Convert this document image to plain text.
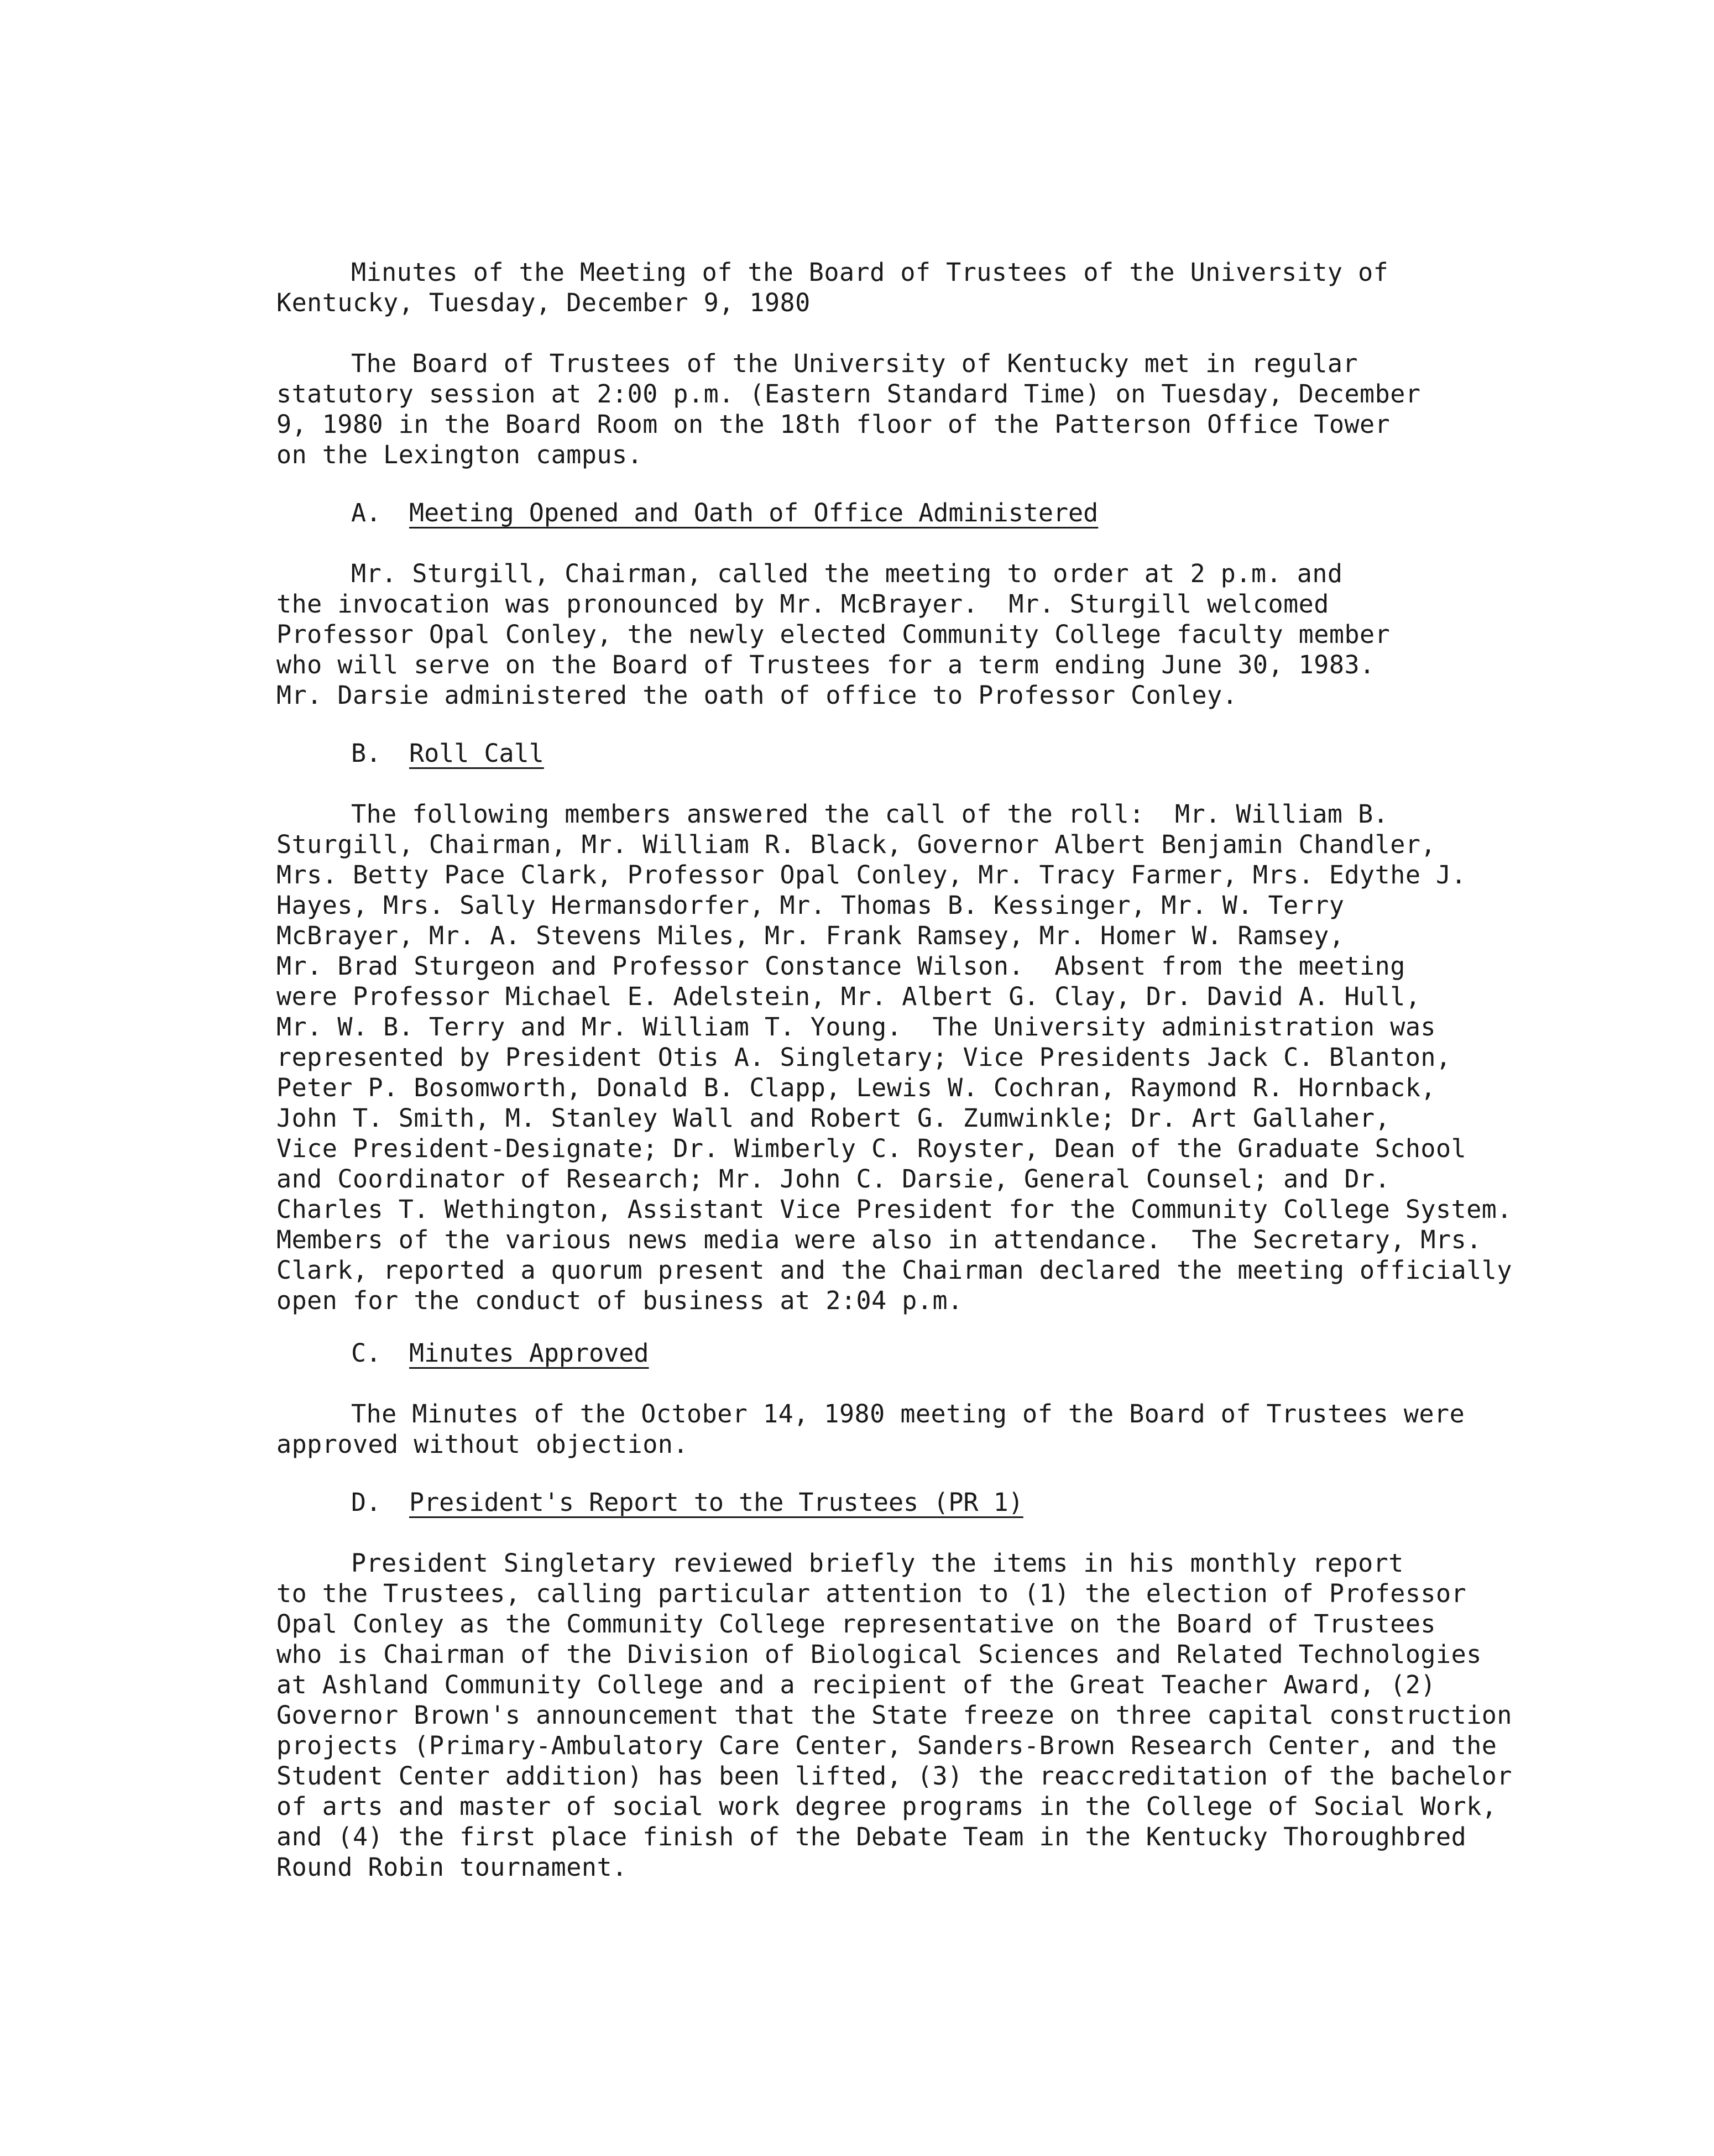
Minutes of the Meeting of the Board of Trustees of the University of
Kentucky, Tuesday, December 9, 1980
The Board of Trustees of the University of Kentucky met in regular
statutory session at 2:00 p.m. (Eastern Standard Time) on Tuesday, December
9, 1980 in the Board Room on the 18th floor of the Patterson Office Tower
on the Lexington campus.
A. Meeting Opened and Oath of Office Administered
Mr. Sturgill, Chairman, called the meeting to order at 2 p.m. and
the invocation was pronounced by Mr. McBrayer.  Mr. Sturgill welcomed
Professor Opal Conley, the newly elected Community College faculty member
who will serve on the Board of Trustees for a term ending June 30, 1983.
Mr. Darsie administered the oath of office to Professor Conley.
B. Roll Call
The following members answered the call of the roll:  Mr. William B.
Sturgill, Chairman, Mr. William R. Black, Governor Albert Benjamin Chandler,
Mrs. Betty Pace Clark, Professor Opal Conley, Mr. Tracy Farmer, Mrs. Edythe J.
Hayes, Mrs. Sally Hermansdorfer, Mr. Thomas B. Kessinger, Mr. W. Terry
McBrayer, Mr. A. Stevens Miles, Mr. Frank Ramsey, Mr. Homer W. Ramsey,
Mr. Brad Sturgeon and Professor Constance Wilson.  Absent from the meeting
were Professor Michael E. Adelstein, Mr. Albert G. Clay, Dr. David A. Hull,
Mr. W. B. Terry and Mr. William T. Young.  The University administration was
represented by President Otis A. Singletary; Vice Presidents Jack C. Blanton,
Peter P. Bosomworth, Donald B. Clapp, Lewis W. Cochran, Raymond R. Hornback,
John T. Smith, M. Stanley Wall and Robert G. Zumwinkle; Dr. Art Gallaher,
Vice President-Designate; Dr. Wimberly C. Royster, Dean of the Graduate School
and Coordinator of Research; Mr. John C. Darsie, General Counsel; and Dr.
Charles T. Wethington, Assistant Vice President for the Community College System.
Members of the various news media were also in attendance.  The Secretary, Mrs.
Clark, reported a quorum present and the Chairman declared the meeting officially
open for the conduct of business at 2:04 p.m.
C. Minutes Approved
The Minutes of the October 14, 1980 meeting of the Board of Trustees were
approved without objection.
D. President's Report to the Trustees (PR 1)
President Singletary reviewed briefly the items in his monthly report
to the Trustees, calling particular attention to (1) the election of Professor
Opal Conley as the Community College representative on the Board of Trustees
who is Chairman of the Division of Biological Sciences and Related Technologies
at Ashland Community College and a recipient of the Great Teacher Award, (2)
Governor Brown's announcement that the State freeze on three capital construction
projects (Primary-Ambulatory Care Center, Sanders-Brown Research Center, and the
Student Center addition) has been lifted, (3) the reaccreditation of the bachelor
of arts and master of social work degree programs in the College of Social Work,
and (4) the first place finish of the Debate Team in the Kentucky Thoroughbred
Round Robin tournament.
